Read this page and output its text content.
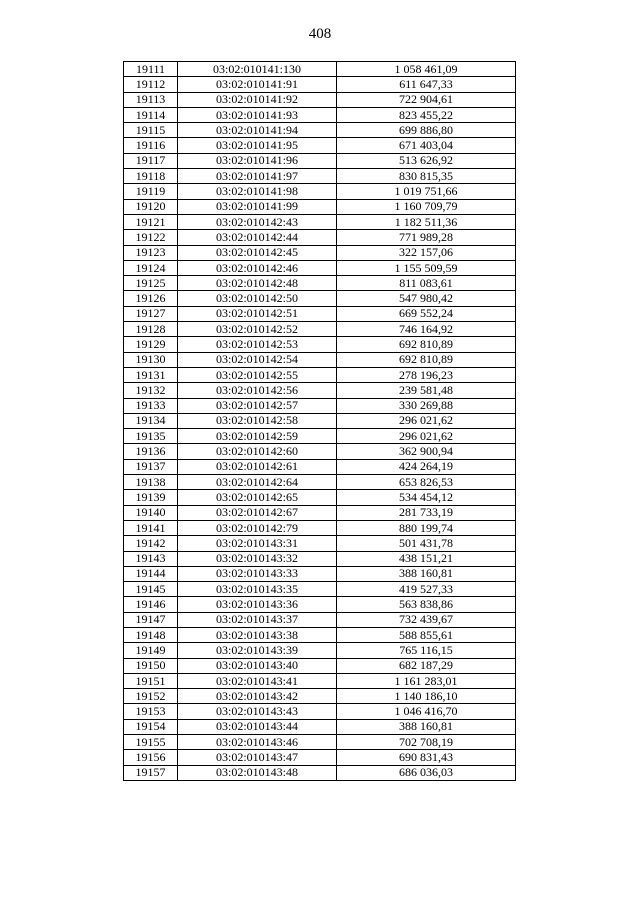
408
19111	03:02:010141:130	1 058 461,09
19112	03:02:010141:91	611 647,33
19113	03:02:010141:92	722 904,61
19114	03:02:010141:93	823 455,22
19115	03:02:010141:94	699 886,80
19116	03:02:010141:95	671 403,04
19117	03:02:010141:96	513 626,92
19118	03:02:010141:97	830 815,35
19119	03:02:010141:98	1 019 751,66
19120	03:02:010141:99	1 160 709,79
19121	03:02:010142:43	1 182 511,36
19122	03:02:010142:44	771 989,28
19123	03:02:010142:45	322 157,06
19124	03:02:010142:46	1 155 509,59
19125	03:02:010142:48	811 083,61
19126	03:02:010142:50	547 980,42
19127	03:02:010142:51	669 552,24
19128	03:02:010142:52	746 164,92
19129	03:02:010142:53	692 810,89
19130	03:02:010142:54	692 810,89
19131	03:02:010142:55	278 196,23
19132	03:02:010142:56	239 581,48
19133	03:02:010142:57	330 269,88
19134	03:02:010142:58	296 021,62
19135	03:02:010142:59	296 021,62
19136	03:02:010142:60	362 900,94
19137	03:02:010142:61	424 264,19
19138	03:02:010142:64	653 826,53
19139	03:02:010142:65	534 454,12
19140	03:02:010142:67	281 733,19
19141	03:02:010142:79	880 199,74
19142	03:02:010143:31	501 431,78
19143	03:02:010143:32	438 151,21
19144	03:02:010143:33	388 160,81
19145	03:02:010143:35	419 527,33
19146	03:02:010143:36	563 838,86
19147	03:02:010143:37	732 439,67
19148	03:02:010143:38	588 855,61
19149	03:02:010143:39	765 116,15
19150	03:02:010143:40	682 187,29
19151	03:02:010143:41	1 161 283,01
19152	03:02:010143:42	1 140 186,10
19153	03:02:010143:43	1 046 416,70
19154	03:02:010143:44	388 160,81
19155	03:02:010143:46	702 708,19
19156	03:02:010143:47	690 831,43
19157	03:02:010143:48	686 036,03
